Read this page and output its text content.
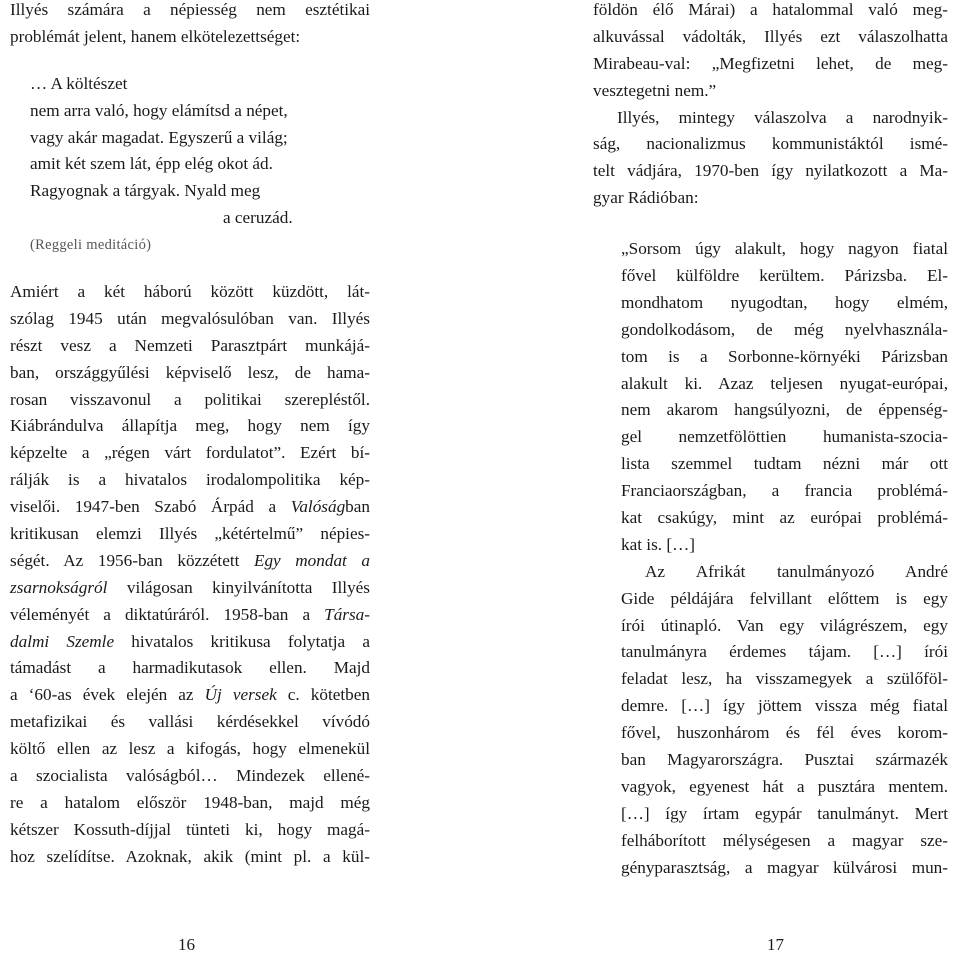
Illyés számára a népiesség nem esztétikai
problémát jelent, hanem elkötelezettséget:
… A költészet
nem arra való, hogy elámítsd a népet,
vagy akár magadat. Egyszerű a világ;
amit két szem lát, épp elég okot ád.
Ragyognak a tárgyak. Nyald meg
a ceruzád.
(Reggeli meditáció)
Amiért a két háború között küzdött, lát-
szólag 1945 után megvalósulóban van. Illyés
részt vesz a Nemzeti Parasztpárt munkájá-
ban, országgyűlési képviselő lesz, de hama-
rosan visszavonul a politikai szerepléstől.
Kiábrándulva állapítja meg, hogy nem így
képzelte a „régen várt fordulatot”. Ezért bí-
rálják is a hivatalos irodalompolitika kép-
viselői. 1947-ben Szabó Árpád a Valóságban
kritikusan elemzi Illyés „kétértelmű” népies-
ségét. Az 1956-ban közzétett Egy mondat a
zsarnokságról világosan kinyilvánította Illyés
véleményét a diktatúráról. 1958-ban a Társa-
dalmi Szemle hivatalos kritikusa folytatja a
támadást a harmadikutasok ellen. Majd
a ‘60-as évek elején az Új versek c. kötetben
metafizikai és vallási kérdésekkel vívódó
költő ellen az lesz a kifogás, hogy elmenekül
a szocialista valóságból… Mindezek ellené-
re a hatalom először 1948-ban, majd még
kétszer Kossuth-díjjal tünteti ki, hogy magá-
hoz szelídítse. Azoknak, akik (mint pl. a kül-
16
földön élő Márai) a hatalommal való meg-
alkuvással vádolták, Illyés ezt válaszolhatta
Mirabeau-val: „Megfizetni lehet, de meg-
vesztegetni nem.”
Illyés, mintegy válaszolva a narodnyik-
ság, nacionalizmus kommunistáktól ismé-
telt vádjára, 1970-ben így nyilatkozott a Ma-
gyar Rádióban:
„Sorsom úgy alakult, hogy nagyon fiatal
fővel külföldre kerültem. Párizsba. El-
mondhatom nyugodtan, hogy elmém,
gondolkodásom, de még nyelvhasznála-
tom is a Sorbonne-környéki Párizsban
alakult ki. Azaz teljesen nyugat-európai,
nem akarom hangsúlyozni, de éppenség-
gel nemzetfölöttien humanista-szocia-
lista szemmel tudtam nézni már ott
Franciaországban, a francia problémá-
kat csakúgy, mint az európai problémá-
kat is. […]
Az Afrikát tanulmányozó André
Gide példájára felvillant előttem is egy
írói útinapló. Van egy világrészem, egy
tanulmányra érdemes tájam. […] írói
feladat lesz, ha visszamegyek a szülőföl-
demre. […] így jöttem vissza még fiatal
fővel, huszonhárom és fél éves korom-
ban Magyarországra. Pusztai származék
vagyok, egyenest hát a pusztára mentem.
[…] így írtam egypár tanulmányt. Mert
felháborított mélységesen a magyar sze-
gényparasztság, a magyar külvárosi mun-
17
